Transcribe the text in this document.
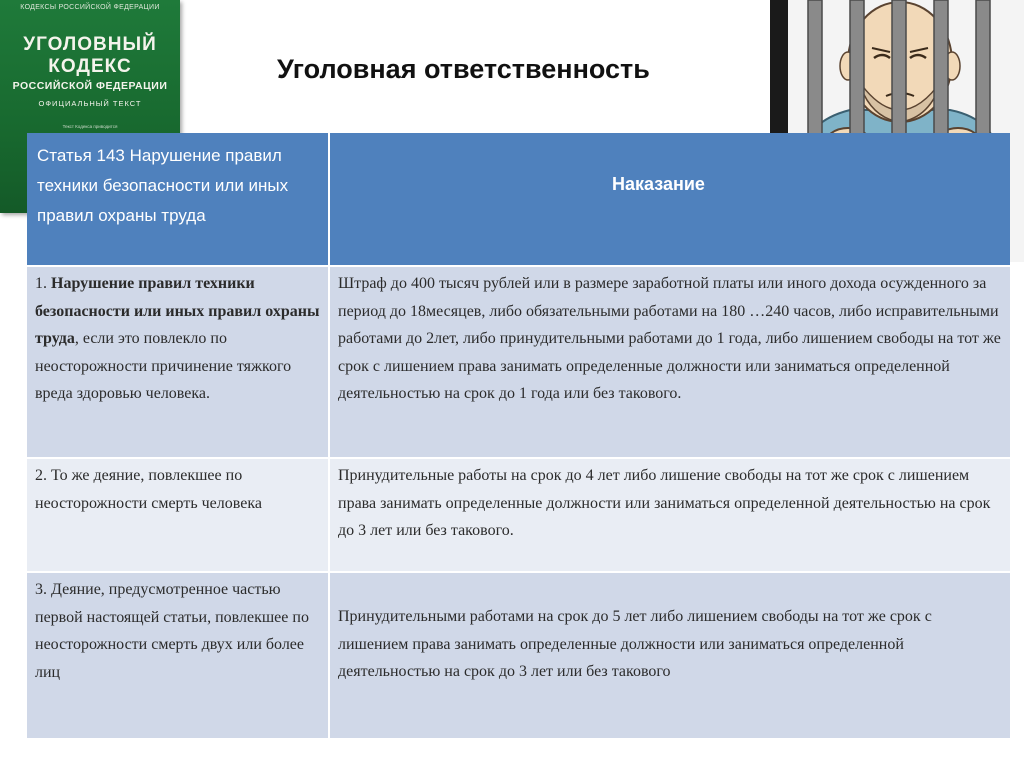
КОДЕКСЫ РОССИЙСКОЙ ФЕДЕРАЦИИ
УГОЛОВНЫЙ
КОДЕКС
РОССИЙСКОЙ ФЕДЕРАЦИИ
ОФИЦИАЛЬНЫЙ ТЕКСТ
Текст Кодекса приводится
Уголовная ответственность
Статья 143 Нарушение правил техники безопасности или иных правил охраны труда
Наказание
1. Нарушение правил техники безопасности или иных правил охраны труда, если это повлекло по неосторожности причинение тяжкого вреда здоровью человека.
Штраф до 400 тысяч рублей или в размере заработной платы или иного дохода осужденного за период до 18месяцев, либо обязательными работами на 180 …240 часов, либо исправительными работами до 2лет, либо принудительными работами до 1 года, либо лишением свободы на тот же срок с лишением права занимать определенные должности или заниматься определенной деятельностью на срок до 1 года или без такового.
2. То же деяние, повлекшее по неосторожности смерть человека
Принудительные работы на срок до 4 лет либо лишение свободы на тот же срок с лишением права занимать определенные должности или заниматься определенной деятельностью на срок до 3 лет или без такового.
3. Деяние, предусмотренное частью первой настоящей статьи, повлекшее по неосторожности смерть двух или более лиц
Принудительными работами на срок до 5 лет либо лишением свободы на тот же срок с лишением права занимать определенные должности или заниматься определенной деятельностью на срок до 3 лет или без такового
